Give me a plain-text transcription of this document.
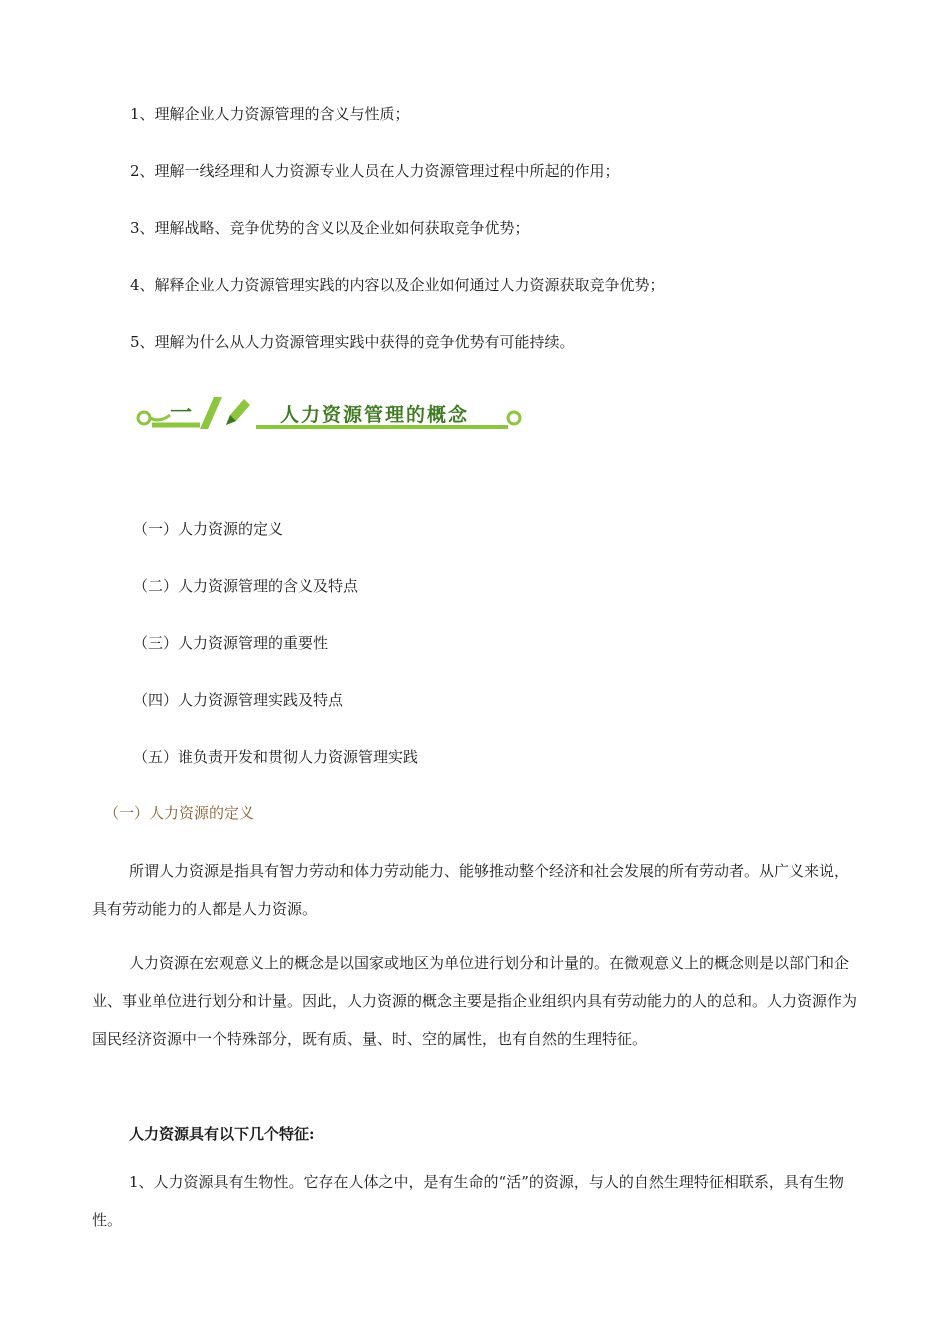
1、理解企业人力资源管理的含义与性质；
2、理解一线经理和人力资源专业人员在人力资源管理过程中所起的作用；
3、理解战略、竞争优势的含义以及企业如何获取竞争优势；
4、解释企业人力资源管理实践的内容以及企业如何通过人力资源获取竞争优势；
5、理解为什么从人力资源管理实践中获得的竞争优势有可能持续。
一	人力资源管理的概念
（一）人力资源的定义
（二）人力资源管理的含义及特点
（三）人力资源管理的重要性
（四）人力资源管理实践及特点
（五）谁负责开发和贯彻人力资源管理实践
（一）人力资源的定义
所谓人力资源是指具有智力劳动和体力劳动能力、能够推动整个经济和社会发展的所有劳动者。从广义来说，具有劳动能力的人都是人力资源。
人力资源在宏观意义上的概念是以国家或地区为单位进行划分和计量的。在微观意义上的概念则是以部门和企业、事业单位进行划分和计量。因此，人力资源的概念主要是指企业组织内具有劳动能力的人的总和。人力资源作为国民经济资源中一个特殊部分，既有质、量、时、空的属性，也有自然的生理特征。
人力资源具有以下几个特征:
1、人力资源具有生物性。它存在人体之中，是有生命的“活”的资源，与人的自然生理特征相联系，具有生物性。
